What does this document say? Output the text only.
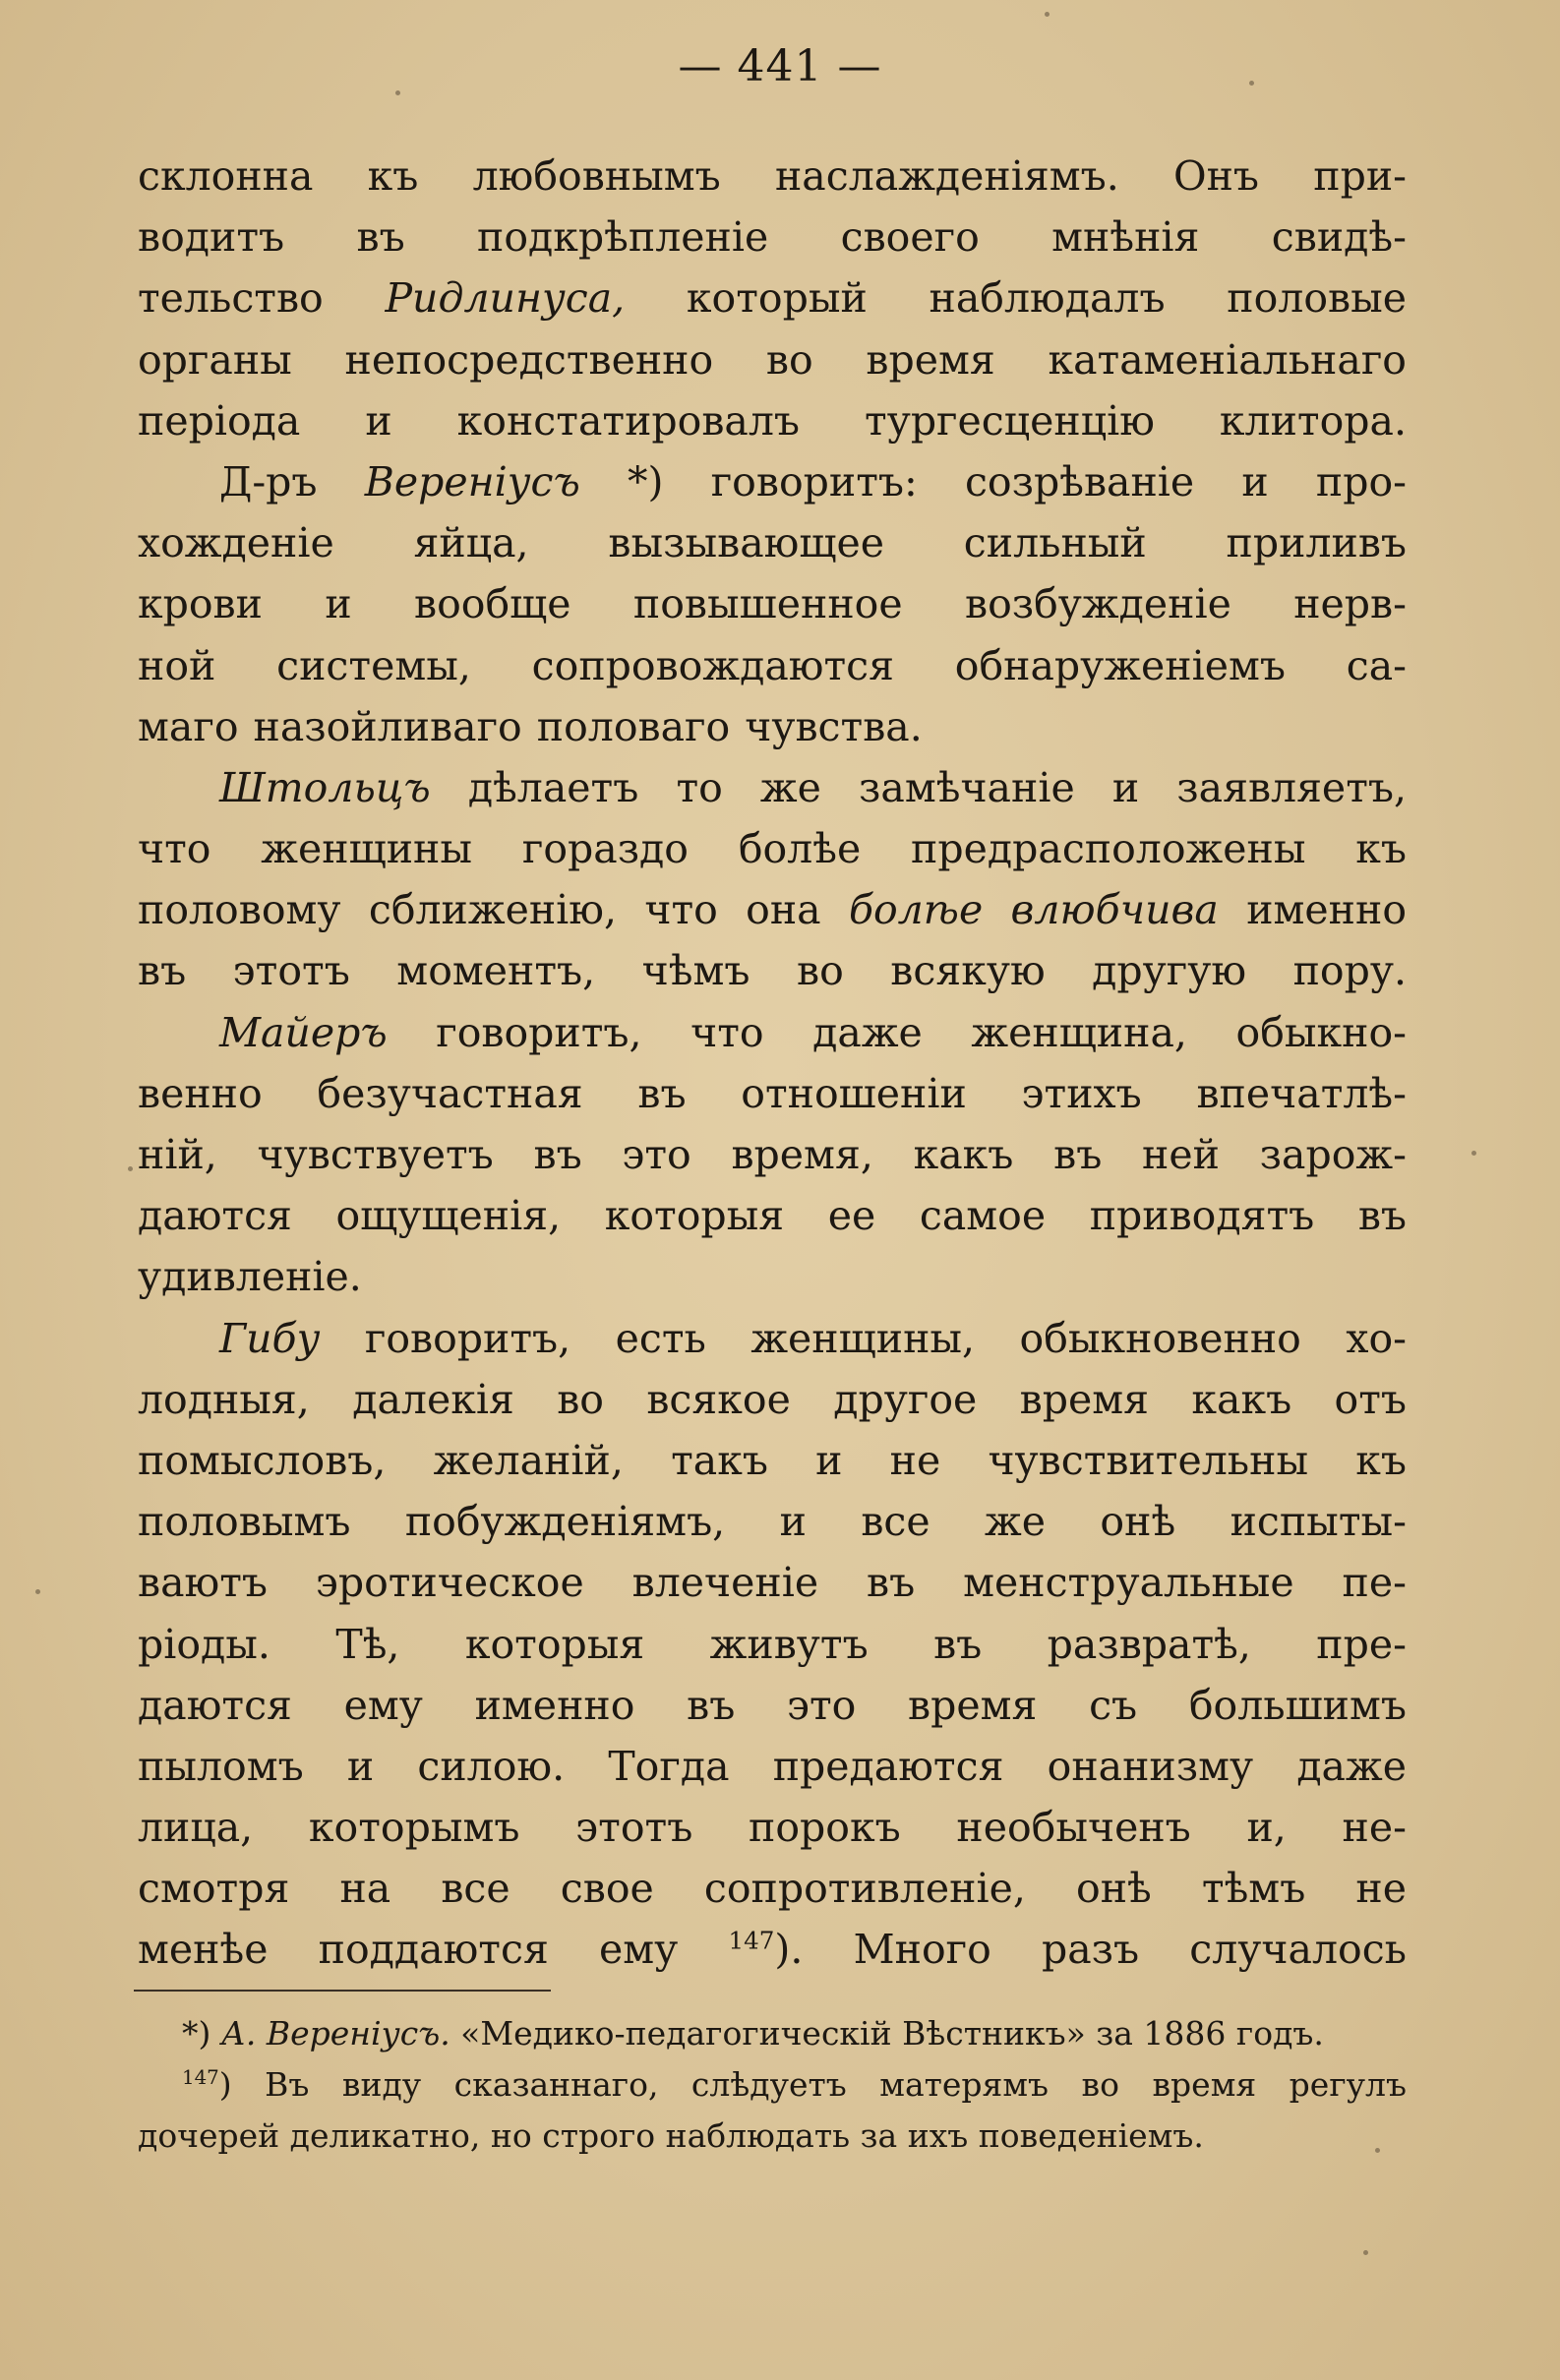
— 441 —
склонна къ любовнымъ наслажденiямъ. Онъ при-
водитъ въ подкрѣпленiе своего мнѣнiя свидѣ-
тельство Ридлинуса, который наблюдалъ половые
органы непосредственно во время катаменiальнаго
перiода и констатировалъ тургесценцiю клитора.
Д-ръ Веренiусъ *) говоритъ: созрѣванiе и про-
хожденiе яйца, вызывающее сильный приливъ
крови и вообще повышенное возбужденiе нерв-
ной системы, сопровождаются обнаруженiемъ са-
маго назойливаго половаго чувства.
Штольцъ дѣлаетъ то же замѣчанiе и заявляетъ,
что женщины гораздо болѣе предрасположены къ
половому сближенiю, что она болѣе влюбчива именно
въ этотъ моментъ, чѣмъ во всякую другую пору.
Майеръ говоритъ, что даже женщина, обыкно-
венно безучастная въ отношенiи этихъ впечатлѣ-
нiй, чувствуетъ въ это время, какъ въ ней зарож-
даются ощущенiя, которыя ее самое приводятъ въ
удивленiе.
Гибу говоритъ, есть женщины, обыкновенно хо-
лодныя, далекiя во всякое другое время какъ отъ
помысловъ, желанiй, такъ и не чувствительны къ
половымъ побужденiямъ, и все же онѣ испыты-
ваютъ эротическое влеченiе въ менструальные пе-
рiоды. Тѣ, которыя живутъ въ развратѣ, пре-
даются ему именно въ это время съ большимъ
пыломъ и силою. Тогда предаются онанизму даже
лица, которымъ этотъ порокъ необыченъ и, не-
смотря на все свое сопротивленiе, онѣ тѣмъ не
менѣе поддаются ему $^{147}$). Много разъ случалось
*) А. Веренiусъ. «Медико-педагогическiй Вѣстникъ» за 1886 годъ.
$^{147}$) Въ виду сказаннаго, слѣдуетъ матерямъ во время регулъ
дочерей деликатно, но строго наблюдать за ихъ поведенiемъ.
